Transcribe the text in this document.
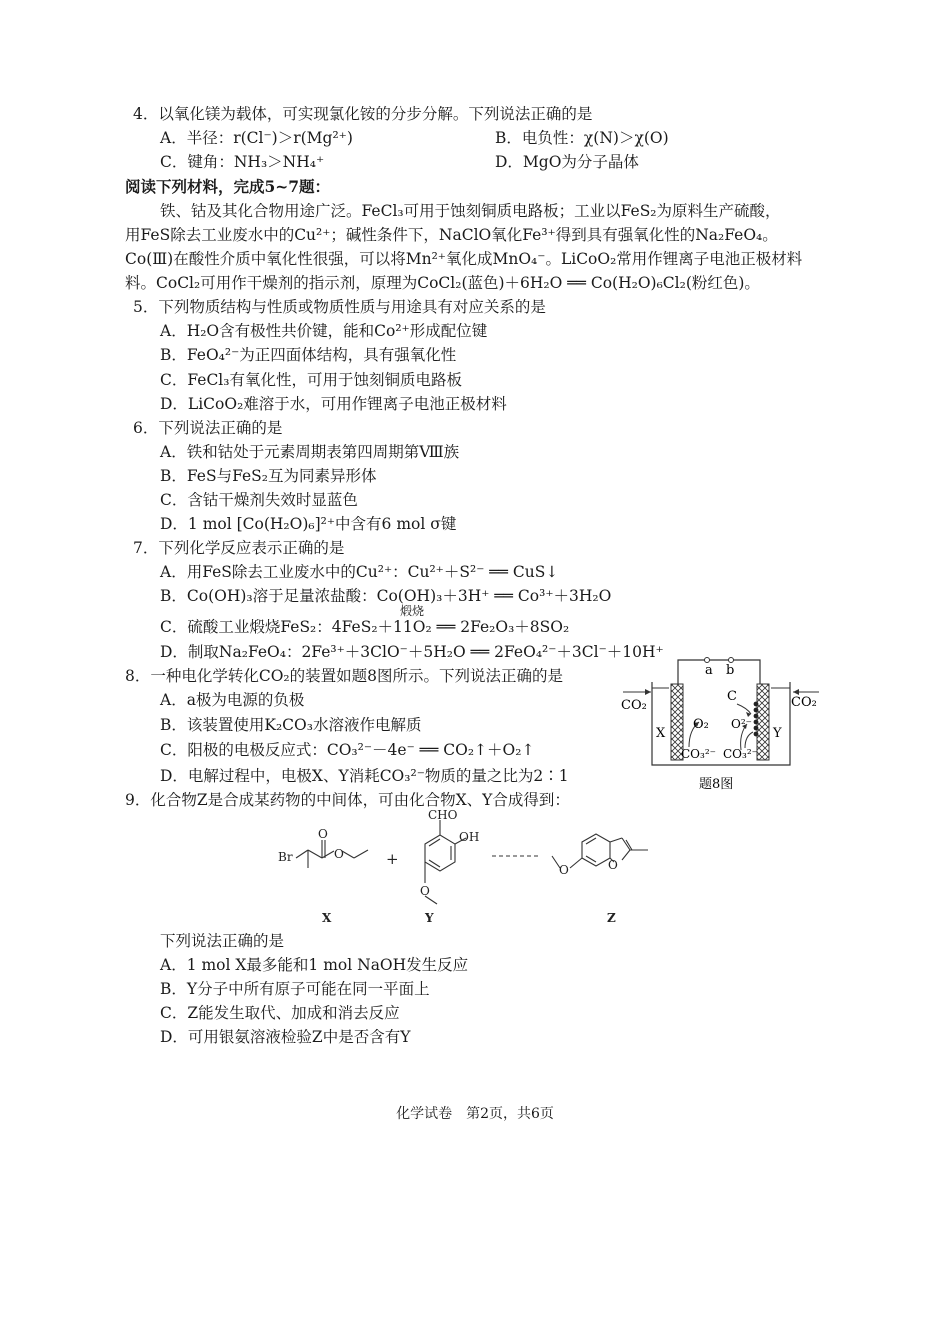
4．以氧化镁为载体，可实现氯化铵的分步分解。下列说法正确的是
A．半径：r(Cl⁻)＞r(Mg²⁺)	B．电负性：χ(N)＞χ(O)
C．键角：NH₃＞NH₄⁺	D．MgO为分子晶体
阅读下列材料，完成5~7题：
铁、钴及其化合物用途广泛。FeCl₃可用于蚀刻铜质电路板；工业以FeS₂为原料生产硫酸，
用FeS除去工业废水中的Cu²⁺；碱性条件下，NaClO氧化Fe³⁺得到具有强氧化性的Na₂FeO₄。
Co(Ⅲ)在酸性介质中氧化性很强，可以将Mn²⁺氧化成MnO₄⁻。LiCoO₂常用作锂离子电池正极材料
料。CoCl₂可用作干燥剂的指示剂，原理为CoCl₂(蓝色)＋6H₂O ══ Co(H₂O)₆Cl₂(粉红色)。
5．下列物质结构与性质或物质性质与用途具有对应关系的是
A．H₂O含有极性共价键，能和Co²⁺形成配位键
B．FeO₄²⁻为正四面体结构，具有强氧化性
C．FeCl₃有氧化性，可用于蚀刻铜质电路板
D．LiCoO₂难溶于水，可用作锂离子电池正极材料
6．下列说法正确的是
A．铁和钴处于元素周期表第四周期第Ⅷ族
B．FeS与FeS₂互为同素异形体
C．含钴干燥剂失效时显蓝色
D．1 mol [Co(H₂O)₆]²⁺中含有6 mol σ键
7．下列化学反应表示正确的是
A．用FeS除去工业废水中的Cu²⁺：Cu²⁺＋S²⁻ ══ CuS↓
B．Co(OH)₃溶于足量浓盐酸：Co(OH)₃＋3H⁺ ══ Co³⁺＋3H₂O
煅烧
C．硫酸工业煅烧FeS₂：4FeS₂＋11O₂ ══ 2Fe₂O₃＋8SO₂
D．制取Na₂FeO₄：2Fe³⁺＋3ClO⁻＋5H₂O ══ 2FeO₄²⁻＋3Cl⁻＋10H⁺
8．一种电化学转化CO₂的装置如题8图所示。下列说法正确的是
A．a极为电源的负极
B．该装置使用K₂CO₃水溶液作电解质
C．阳极的电极反应式：CO₃²⁻－4e⁻ ══ CO₂↑＋O₂↑
D．电解过程中，电极X、Y消耗CO₃²⁻物质的量之比为2∶1
a b
CO₂	CO₂
X	Y
C
O₂ O²⁻
CO₃²⁻ CO₃²⁻
题8图
9．化合物Z是合成某药物的中间体，可由化合物X、Y合成得到：
Br
O
O	+
CHO
OH
O
O	O
X	Y	Z
下列说法正确的是
A．1 mol X最多能和1 mol NaOH发生反应
B．Y分子中所有原子可能在同一平面上
C．Z能发生取代、加成和消去反应
D．可用银氨溶液检验Z中是否含有Y
化学试卷　第2页，共6页
